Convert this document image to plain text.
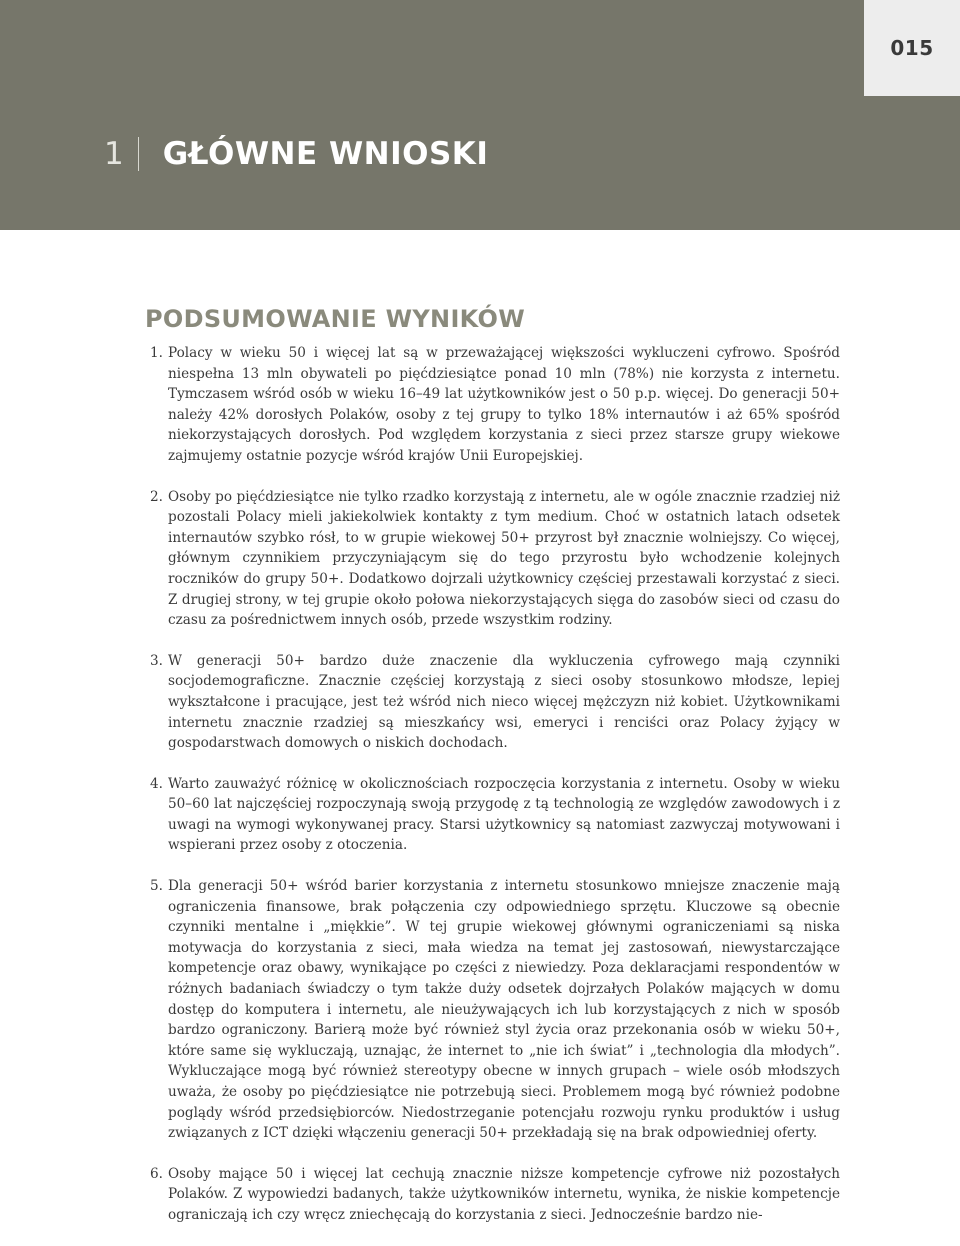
015
1 GŁÓWNE WNIOSKI
PODSUMOWANIE WYNIKÓW
1. Polacy w wieku 50 i więcej lat są w przeważającej większości wykluczeni cyfrowo. Spośród niespełna 13 mln obywateli po pięćdziesiątce ponad 10 mln (78%) nie korzysta z internetu. Tymczasem wśród osób w wieku 16–49 lat użytkowników jest o 50 p.p. więcej. Do generacji 50+ należy 42% dorosłych Polaków, osoby z tej grupy to tylko 18% internautów i aż 65% spośród niekorzystających dorosłych. Pod względem korzystania z sieci przez starsze grupy wiekowe zajmujemy ostatnie pozycje wśród krajów Unii Europejskiej.
2. Osoby po pięćdziesiątce nie tylko rzadko korzystają z internetu, ale w ogóle znacznie rzadziej niż pozostali Polacy mieli jakiekolwiek kontakty z tym medium. Choć w ostatnich latach odsetek internautów szybko rósł, to w grupie wiekowej 50+ przyrost był znacznie wolniejszy. Co więcej, głównym czynnikiem przyczyniającym się do tego przyrostu było wchodzenie kolejnych roczników do grupy 50+. Dodatkowo dojrzali użytkownicy częściej przestawali korzystać z sieci. Z drugiej strony, w tej grupie około połowa niekorzystających sięga do zasobów sieci od czasu do czasu za pośrednictwem innych osób, przede wszystkim rodziny.
3. W generacji 50+ bardzo duże znaczenie dla wykluczenia cyfrowego mają czynniki socjodemograficzne. Znacznie częściej korzystają z sieci osoby stosunkowo młodsze, lepiej wykształcone i pracujące, jest też wśród nich nieco więcej mężczyzn niż kobiet. Użytkownikami internetu znacznie rzadziej są mieszkańcy wsi, emeryci i renciści oraz Polacy żyjący w gospodarstwach domowych o niskich dochodach.
4. Warto zauważyć różnicę w okolicznościach rozpoczęcia korzystania z internetu. Osoby w wieku 50–60 lat najczęściej rozpoczynają swoją przygodę z tą technologią ze względów zawodowych i z uwagi na wymogi wykonywanej pracy. Starsi użytkownicy są natomiast zazwyczaj motywowani i wspierani przez osoby z otoczenia.
5. Dla generacji 50+ wśród barier korzystania z internetu stosunkowo mniejsze znaczenie mają ograniczenia finansowe, brak połączenia czy odpowiedniego sprzętu. Kluczowe są obecnie czynniki mentalne i „miękkie”. W tej grupie wiekowej głównymi ograniczeniami są niska motywacja do korzystania z sieci, mała wiedza na temat jej zastosowań, niewystarczające kompetencje oraz obawy, wynikające po części z niewiedzy. Poza deklaracjami respondentów w różnych badaniach świadczy o tym także duży odsetek dojrzałych Polaków mających w domu dostęp do komputera i internetu, ale nieużywających ich lub korzystających z nich w sposób bardzo ograniczony. Barierą może być również styl życia oraz przekonania osób w wieku 50+, które same się wykluczają, uznając, że internet to „nie ich świat” i „technologia dla młodych”. Wykluczające mogą być również stereotypy obecne w innych grupach – wiele osób młodszych uważa, że osoby po pięćdziesiątce nie potrzebują sieci. Problemem mogą być również podobne poglądy wśród przedsiębiorców. Niedostrzeganie potencjału rozwoju rynku produktów i usług związanych z ICT dzięki włączeniu generacji 50+ przekładają się na brak odpowiedniej oferty.
6. Osoby mające 50 i więcej lat cechują znacznie niższe kompetencje cyfrowe niż pozostałych Polaków. Z wypowiedzi badanych, także użytkowników internetu, wynika, że niskie kompetencje ograniczają ich czy wręcz zniechęcają do korzystania z sieci. Jednocześnie bardzo nie-
